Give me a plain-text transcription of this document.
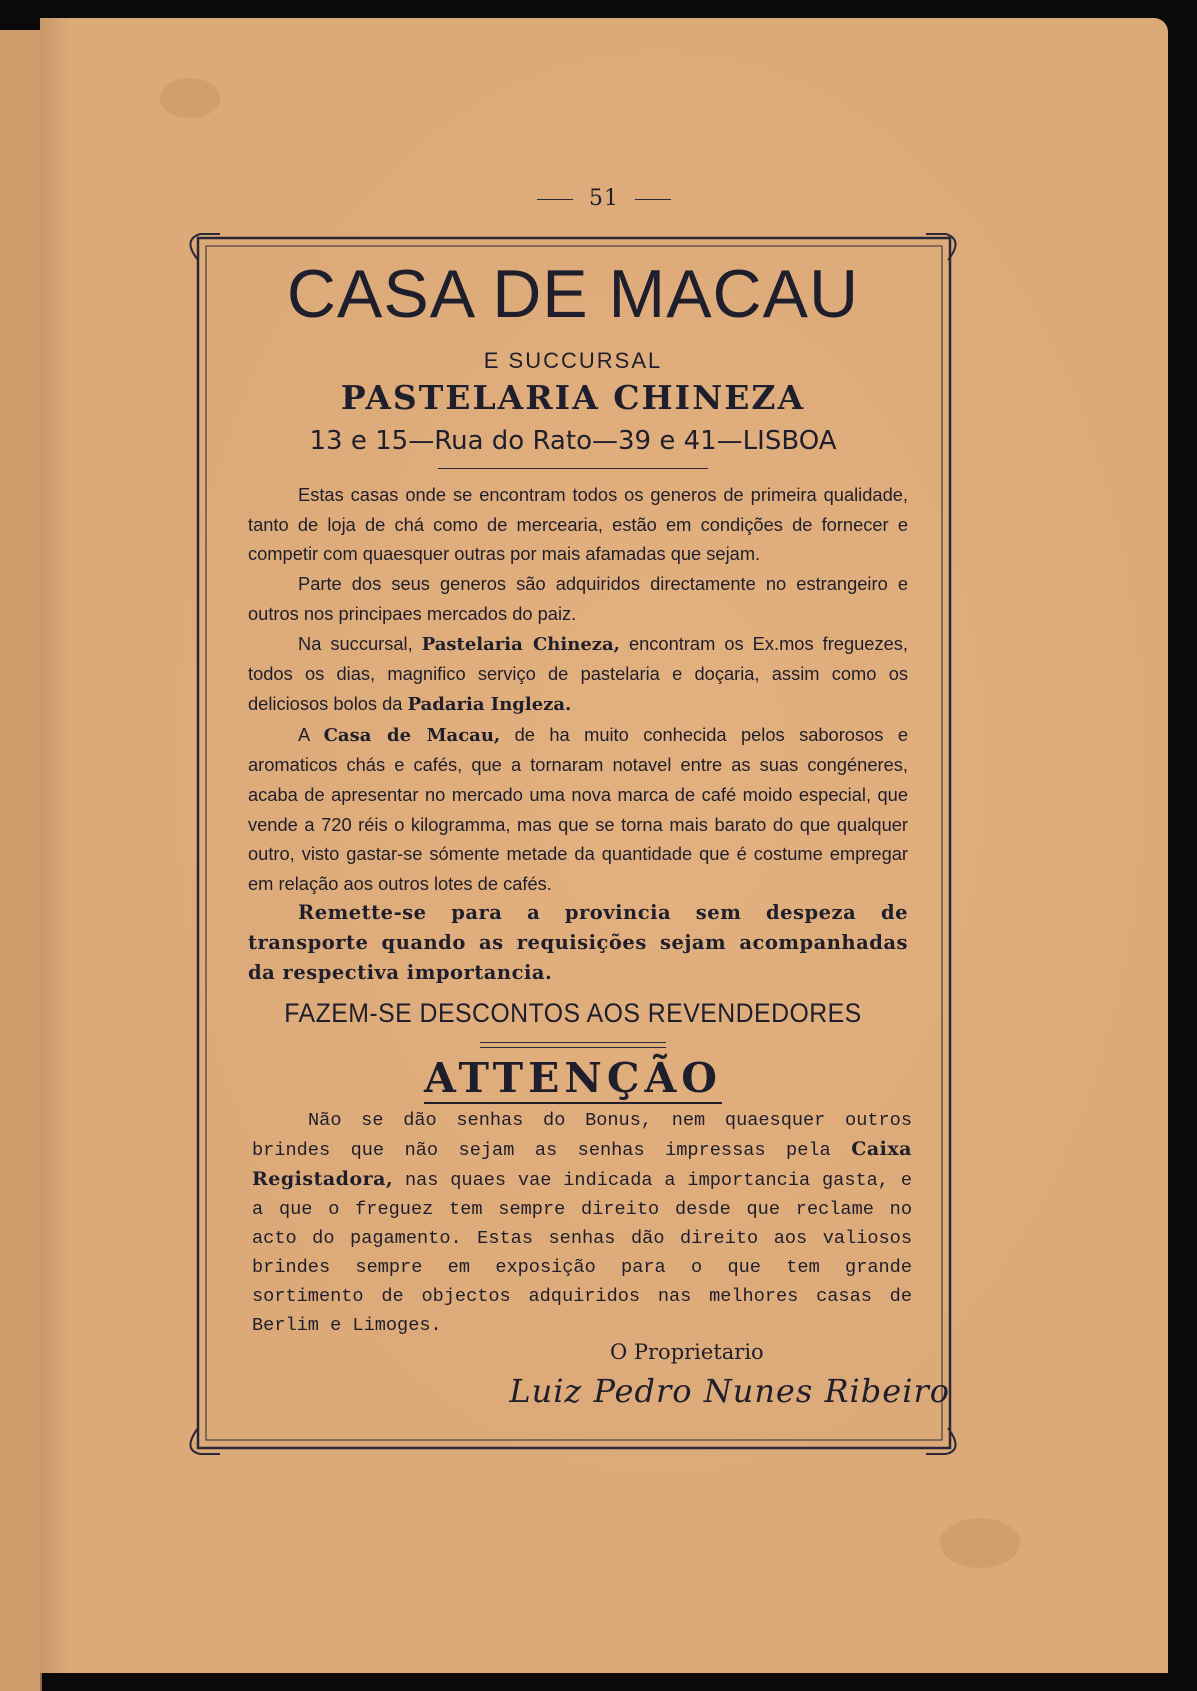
51
CASA DE MACAU
E SUCCURSAL
PASTELARIA CHINEZA
13 e 15—Rua do Rato—39 e 41—LISBOA

Estas casas onde se encontram todos os generos de primeira qualidade, tanto de loja de chá como de mercearia, estão em condições de fornecer e competir com quaesquer outras por mais afamadas que sejam.

Parte dos seus generos são adquiridos directamente no estrangeiro e outros nos principaes mercados do paiz.

Na succursal, Pastelaria Chineza, encontram os Ex.mos freguezes, todos os dias, magnifico serviço de pastelaria e doçaria, assim como os deliciosos bolos da Padaria Ingleza.

A Casa de Macau, de ha muito conhecida pelos saborosos e aromaticos chás e cafés, que a tornaram notavel entre as suas congéneres, acaba de apresentar no mercado uma nova marca de café moido especial, que vende a 720 réis o kilogramma, mas que se torna mais barato do que qualquer outro, visto gastar-se sómente metade da quantidade que é costume empregar em relação aos outros lotes de cafés.

Remette-se para a provincia sem despeza de transporte quando as requisições sejam acompanhadas da respectiva importancia.
FAZEM-SE DESCONTOS AOS REVENDEDORES
ATTENÇÃO
Não se dão senhas do Bonus, nem quaesquer outros brindes que não sejam as senhas impressas pela Caixa Registadora, nas quaes vae indicada a importancia gasta, e a que o freguez tem sempre direito desde que reclame no acto do pagamento. Estas senhas dão direito aos valiosos brindes sempre em exposição para o que tem grande sortimento de objectos adquiridos nas melhores casas de Berlim e Limoges.
O Proprietario
Luiz Pedro Nunes Ribeiro
